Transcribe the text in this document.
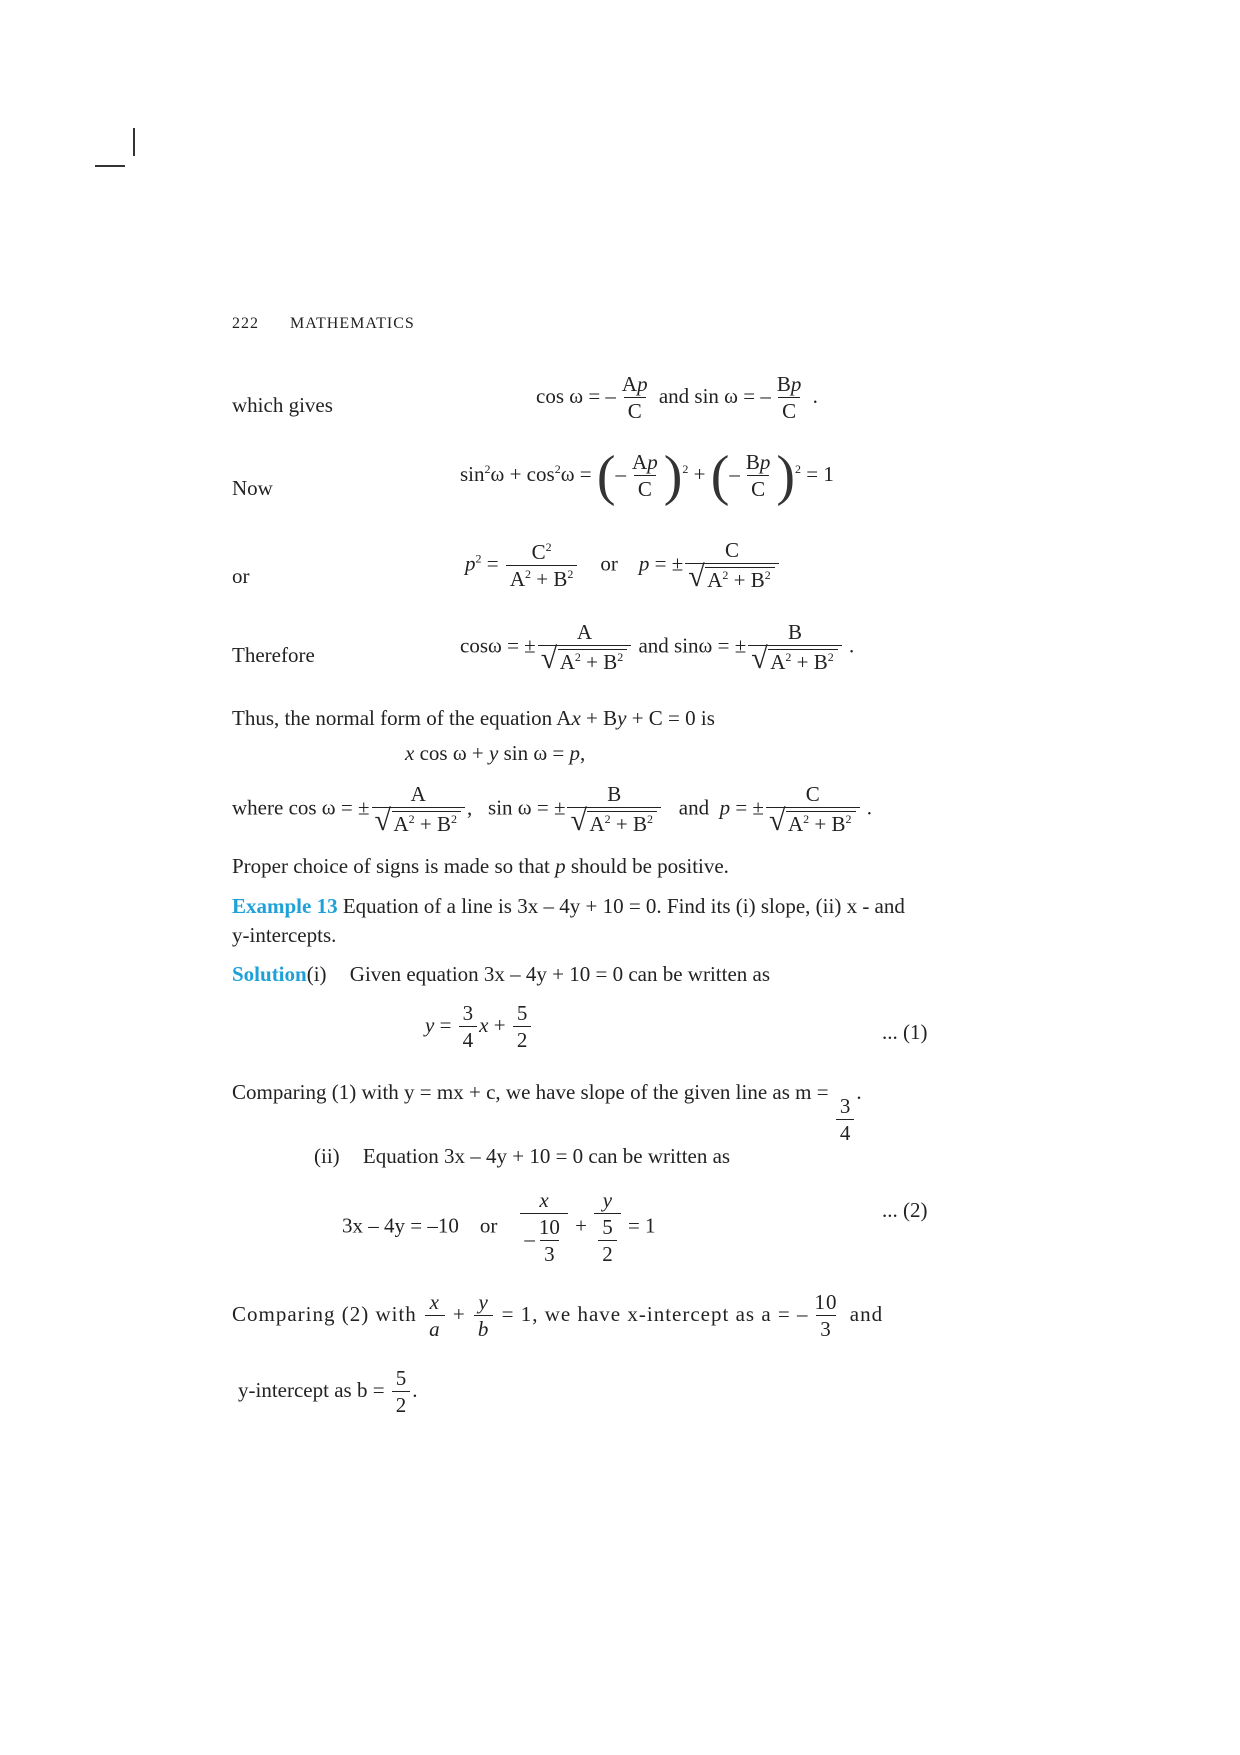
222 MATHEMATICS
which gives	cos ω = – $\frac{Ap}{C}$ and sin ω = – $\frac{Bp}{C}$ .
Now
$\sin^2\omega + \cos^2\omega$ = (– $\frac{Ap}{C} )^2$ + (– $\frac{Bp}{C} )^2 = 1$
or
$p^2 = \frac{C^2}{A^2 + B^2}$ or    p = ± C
√ $A^2 + B^2$
Therefore	cosω = ± A
√ $A^2 + B^2$ and sinω = ± B
√ $A^2 + B^2$ .
Thus, the normal form of the equation Ax + By + C = 0 is
x cos ω + y sin ω = p,
where cos ω = ± A
√ $A^2 + B^2$ ,   sin ω = ± B
√ $A^2 + B^2$ and  p = ± C
√ $A^2 + B^2$ .
Proper choice of signs is made so that p should be positive.
Example 13 Equation of a line is 3x – 4y + 10 = 0. Find its (i) slope, (ii) x - and
y-intercepts.
Solution(i) Given equation 3x – 4y + 10 = 0 can be written as
$y = \frac{3}{4}$ $x + \frac{5}{2}$	... (1)
Comparing (1) with y = mx + c, we have slope of the given line as m =
$\frac{3}{4}$
.
(ii) Equation 3x – 4y + 10 = 0 can be written as
3x – 4y = –10 or $\frac{x}{- \frac{10}{3}} + \frac{y}{\frac{5}{2}} = 1$
... (2)
Comparing (2) with $\frac{x}{a} + \frac{y}{b} = 1$, we have x-intercept as a = – $\frac{10}{3}$ and
y-intercept as $b = \frac{5}{2}$ .
